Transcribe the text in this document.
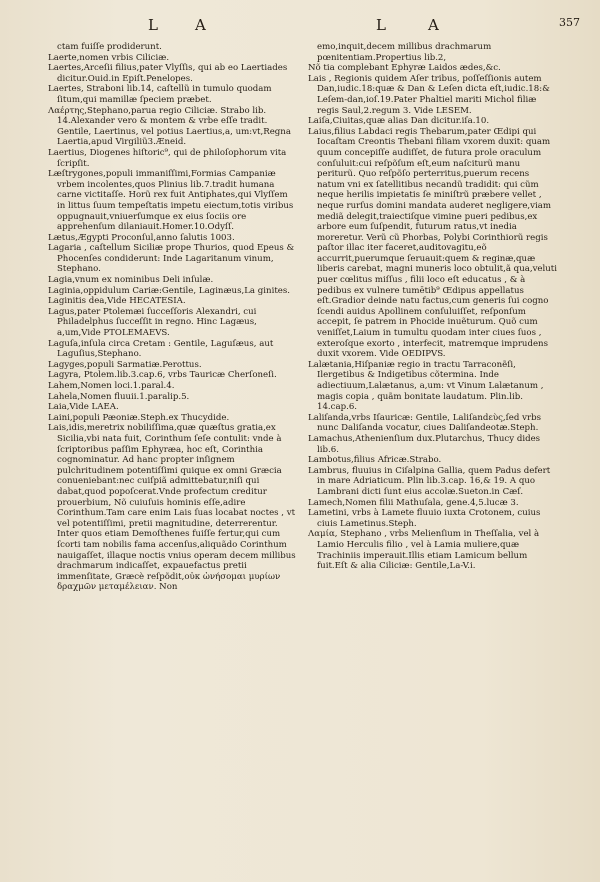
L A	L	A	357

ctam fuiſſe prodiderunt.

Laerte,nomen vrbis Ciliciæ.

Laertes,Arceſii filius,pater Vlyſſis, qui ab eo Laertiades dicitur.Ouid.in Epiſt.Penelopes.

Laertes, Straboni lib.14, caſtellũ in tumulo quodam ſitum,qui mamillæ ſpeciem præbet.

Λαέρτης,Stephano,parua regio Ciliciæ. Strabo lib. 14.Alexander vero & montem & vrbe eſſe tradit. Gentile, Laertinus, vel potius Laertius,a, um:vt,Regna Laertia,apud Virgiliũ3.Æneid.

Laertius, Diogenes hiſtoric⁹, qui de philoſophorum vita ſcripſit.

Læſtrygones,populi immaniſſimi,Formias Campaniæ vrbem incolentes,quos Plinius lib.7.tradit humana carne victitaſſe. Horũ rex fuit Antiphates,qui Vlyſſem in littus ſuum tempeſtatis impetu eiectum,totis viribus oppugnauit,vniuerſumque ex eius ſociis ore apprehenſum dilaniauit.Homer.10.Odyſſ.

Lætus,Ægypti Proconſul,anno ſalutis 1003.

Lagaria , caſtellum Siciliæ prope Thurios, quod Epeus & Phocenſes condiderunt: Inde Lagaritanum vinum, Stephano.

Lagia,vnum ex nominibus Deli inſulæ.

Laginia,oppidulum Cariæ:Gentile, Laginæus,La ginites.

Laginitis dea,Vide HECATESIA.

Lagus,pater Ptolemæi ſucceſſoris Alexandri, cui Philadelphus ſucceſſit in regno. Hinc Lagæus, a,um,Vide PTOLEMAEVS.

Laguſa,inſula circa Cretam : Gentile, Laguſæus, aut Laguſius,Stephano.

Lagyges,populi Sarmatiæ.Perottus.

Lagyra, Ptolem.lib.3.cap.6, vrbs Tauricæ Cherſoneſi.

Lahem,Nomen loci.1.paral.4.

Lahela,Nomen fluuii.1.paralip.5.

Laia,Vide LAEA.

Laini,populi Pæoniæ.Steph.ex Thucydide.

Lais,idis,meretrix nobiliſſima,quæ quæſtus gratia,ex Sicilia,vbi nata fuit, Corinthum ſeſe contulit: vnde à ſcriptoribus paſſim Ephyræa, hoc eſt, Corinthia cognominatur. Ad hanc propter inſignem pulchritudinem potentiſſimi quique ex omni Græcia conueniebant:nec cuiſpiã admittebatur,niſi qui dabat,quod popoſcerat.Vnde profectum creditur prouerbium, Nõ cuiuſuis hominis eſſe,adire Corinthum.Tam care enim Lais ſuas locabat noctes , vt vel potentiſſimi, pretii magnitudine, deterrerentur. Inter quos etiam Demoſthenes fuiſſe fertur,qui cum ſcorti tam nobilis fama accenſus,aliquãdo Corinthum nauigaſſet, illaque noctis vnius operam decem millibus drachmarum indicaſſet, expauefactus pretii immenſitate, Græcè reſpõdit,οὐκ ὠνήσομαι μυρίων δραχμῶν μεταμέλειαν. Non

emo,inquit,decem millibus drachmarum pœnitentiam.Propertius lib.2,

Nõ tia complebant Ephyræ Laidos ædes,&c.

Lais , Regionis quidem Aſer tribus, poſſeſſionis autem Dan,iudic.18:quæ & Dan & Leſen dicta eſt,iudic.18:& Leſem-dan,ioſ.19.Pater Phaltiel mariti Michol filiæ regis Saul,2.regum 3. Vide LESEM.

Laiſa,Ciuitas,quæ alias Dan dicitur.iſa.10.

Laius,filius Labdaci regis Thebarum,pater Œdipi qui Iocaſtam Creontis Thebani filiam vxorem duxit: quam quum concepiſſe audiſſet, de futura prole oraculum conſuluit:cui reſpõſum eſt,eum naſciturũ manu periturũ. Quo reſpõſo perterritus,puerum recens natum vni ex ſatellitibus necandũ tradidit: qui cũm neque herilis impietatis ſe miniſtrũ præbere vellet , neque rurſus domini mandata auderet negligere,viam mediã delegit,traiectiſque vimine pueri pedibus,ex arbore eum ſuſpendit, futurum ratus,vt inedia moreretur. Verũ cũ Phorbas, Polybi Corinthiorũ regis paſtor illac iter faceret,auditovagitu,eõ accurrit,puerumque ſeruauit:quem & reginæ,quæ liberis carebat, magni muneris loco obtulit,ã qua,veluti puer cœlitus miſſus , filii loco eſt educatus , & à pedibus ex vulnere tumētib⁹ Œdipus appellatus eſt.Gradior deinde natu factus,cum generis ſui cogno ſcendi auidus Apollinem conſuluiſſet, reſponſum accepit, ſe patrem in Phocide inuẽturum. Quõ cum veniſſet,Laium in tumultu quodam inter ciues ſuos , exteroſque exorto , interfecit, matremque imprudens duxit vxorem. Vide OEDIPVS.

Lalætania,Hiſpaniæ regio in tractu Tarraconẽſi, Ilergetibus & Indigetibus cõtermina. Inde adiectiuum,Lalætanus, a,um: vt Vinum Lalætanum , magis copia , quãm bonitate laudatum. Plin.lib. 14.cap.6.

Laliſanda,vrbs Iſauricæ: Gentile, Laliſandεὺς,ſed vrbs nunc Daliſanda vocatur, ciues Daliſandeotæ.Steph.

Lamachus,Athenienſium dux.Plutarchus, Thucy dides lib.6.

Lambotus,filius Africæ.Strabo.

Lambrus, fluuius in Ciſalpina Gallia, quem Padus defert in mare Adriaticum. Plin lib.3.cap. 16,& 19. A quo Lambrani dicti ſunt eius accolæ.Sueton.in Cæſ.

Lamech,Nomen filii Mathuſala, gene.4,5.lucæ 3.

Lametini, vrbs à Lamete fluuio iuxta Crotonem, cuius ciuis Lametinus.Steph.

Λαμία, Stephano , vrbs Melienſium in Theſſalia, vel à Lamio Herculis filio , vel à Lamia muliere,quæ Trachiniis imperauit.Illis etiam Lamicum bellum fuit.Eſt & alia Ciliciæ: Gentile,La-V.i.
